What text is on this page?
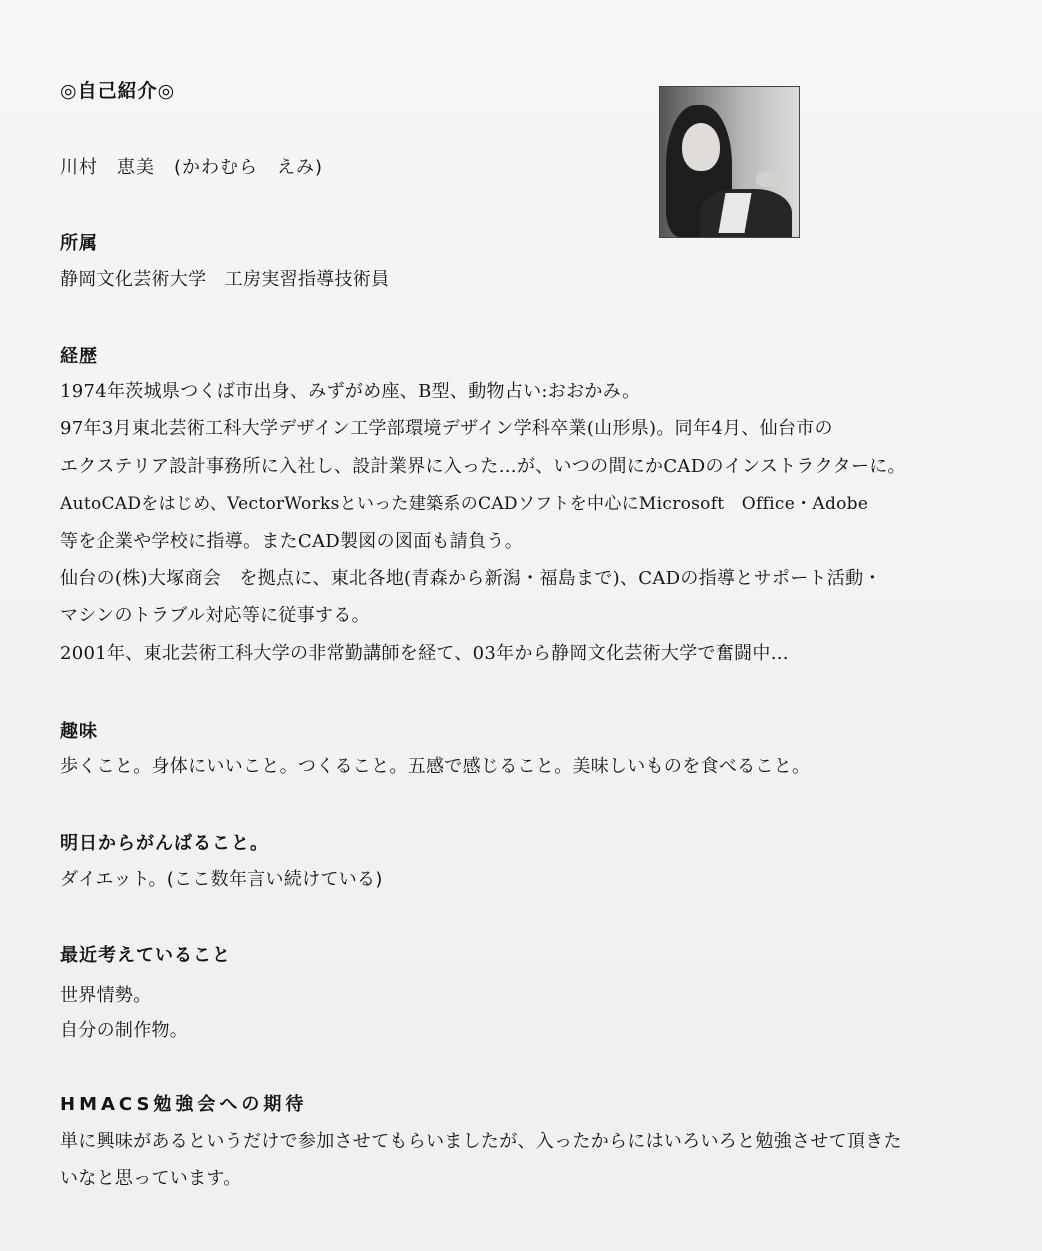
◎自己紹介◎
川村　恵美　(かわむら　えみ)
所属
静岡文化芸術大学　工房実習指導技術員
経歴
1974年茨城県つくば市出身、みずがめ座、B型、動物占い:おおかみ。
97年3月東北芸術工科大学デザイン工学部環境デザイン学科卒業(山形県)。同年4月、仙台市の
エクステリア設計事務所に入社し、設計業界に入った…が、いつの間にかCADのインストラクターに。
AutoCADをはじめ、VectorWorksといった建築系のCADソフトを中心にMicrosoft　Office・Adobe
等を企業や学校に指導。またCAD製図の図面も請負う。
仙台の(株)大塚商会　を拠点に、東北各地(青森から新潟・福島まで)、CADの指導とサポート活動・
マシンのトラブル対応等に従事する。
2001年、東北芸術工科大学の非常勤講師を経て、03年から静岡文化芸術大学で奮闘中…
趣味
歩くこと。身体にいいこと。つくること。五感で感じること。美味しいものを食べること。
明日からがんばること。
ダイエット。(ここ数年言い続けている)
最近考えていること
世界情勢。
自分の制作物。
HMACS勉強会への期待
単に興味があるというだけで参加させてもらいましたが、入ったからにはいろいろと勉強させて頂きた
いなと思っています。
